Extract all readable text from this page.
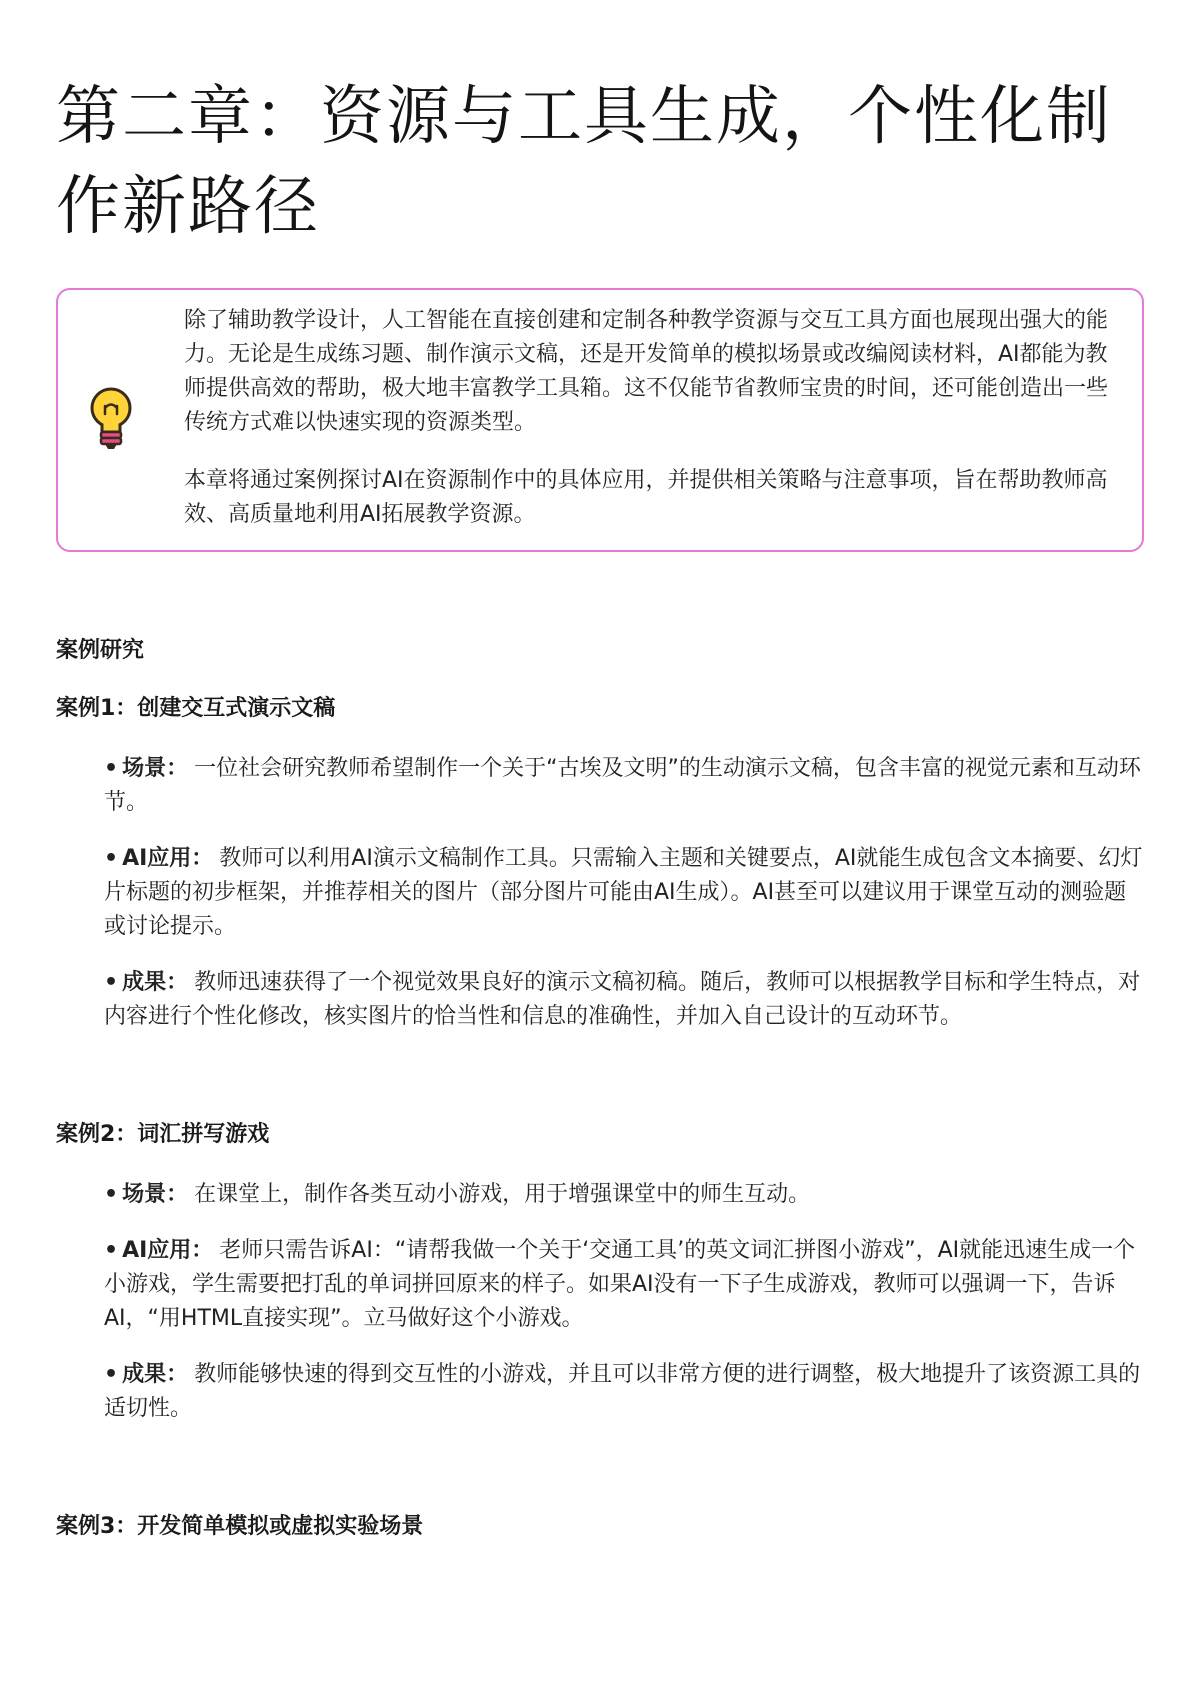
第二章：资源与工具生成，个性化制作新路径

除了辅助教学设计，人工智能在直接创建和定制各种教学资源与交互工具方面也展现出强大的能力。无论是生成练习题、制作演示文稿，还是开发简单的模拟场景或改编阅读材料，AI都能为教师提供高效的帮助，极大地丰富教学工具箱。这不仅能节省教师宝贵的时间，还可能创造出一些传统方式难以快速实现的资源类型。

本章将通过案例探讨AI在资源制作中的具体应用，并提供相关策略与注意事项，旨在帮助教师高效、高质量地利用AI拓展教学资源。

案例研究
案例1：创建交互式演示文稿
• 场景： 一位社会研究教师希望制作一个关于“古埃及文明”的生动演示文稿，包含丰富的视觉元素和互动环节。
• AI应用： 教师可以利用AI演示文稿制作工具。只需输入主题和关键要点，AI就能生成包含文本摘要、幻灯片标题的初步框架，并推荐相关的图片（部分图片可能由AI生成）。AI甚至可以建议用于课堂互动的测验题或讨论提示。
• 成果： 教师迅速获得了一个视觉效果良好的演示文稿初稿。随后，教师可以根据教学目标和学生特点，对内容进行个性化修改，核实图片的恰当性和信息的准确性，并加入自己设计的互动环节。
案例2：词汇拼写游戏
• 场景： 在课堂上，制作各类互动小游戏，用于增强课堂中的师生互动。
• AI应用： 老师只需告诉AI：“请帮我做一个关于‘交通工具’的英文词汇拼图小游戏”，AI就能迅速生成一个小游戏，学生需要把打乱的单词拼回原来的样子。如果AI没有一下子生成游戏，教师可以强调一下，告诉AI，“用HTML直接实现”。立马做好这个小游戏。
• 成果： 教师能够快速的得到交互性的小游戏，并且可以非常方便的进行调整，极大地提升了该资源工具的适切性。
案例3：开发简单模拟或虚拟实验场景
